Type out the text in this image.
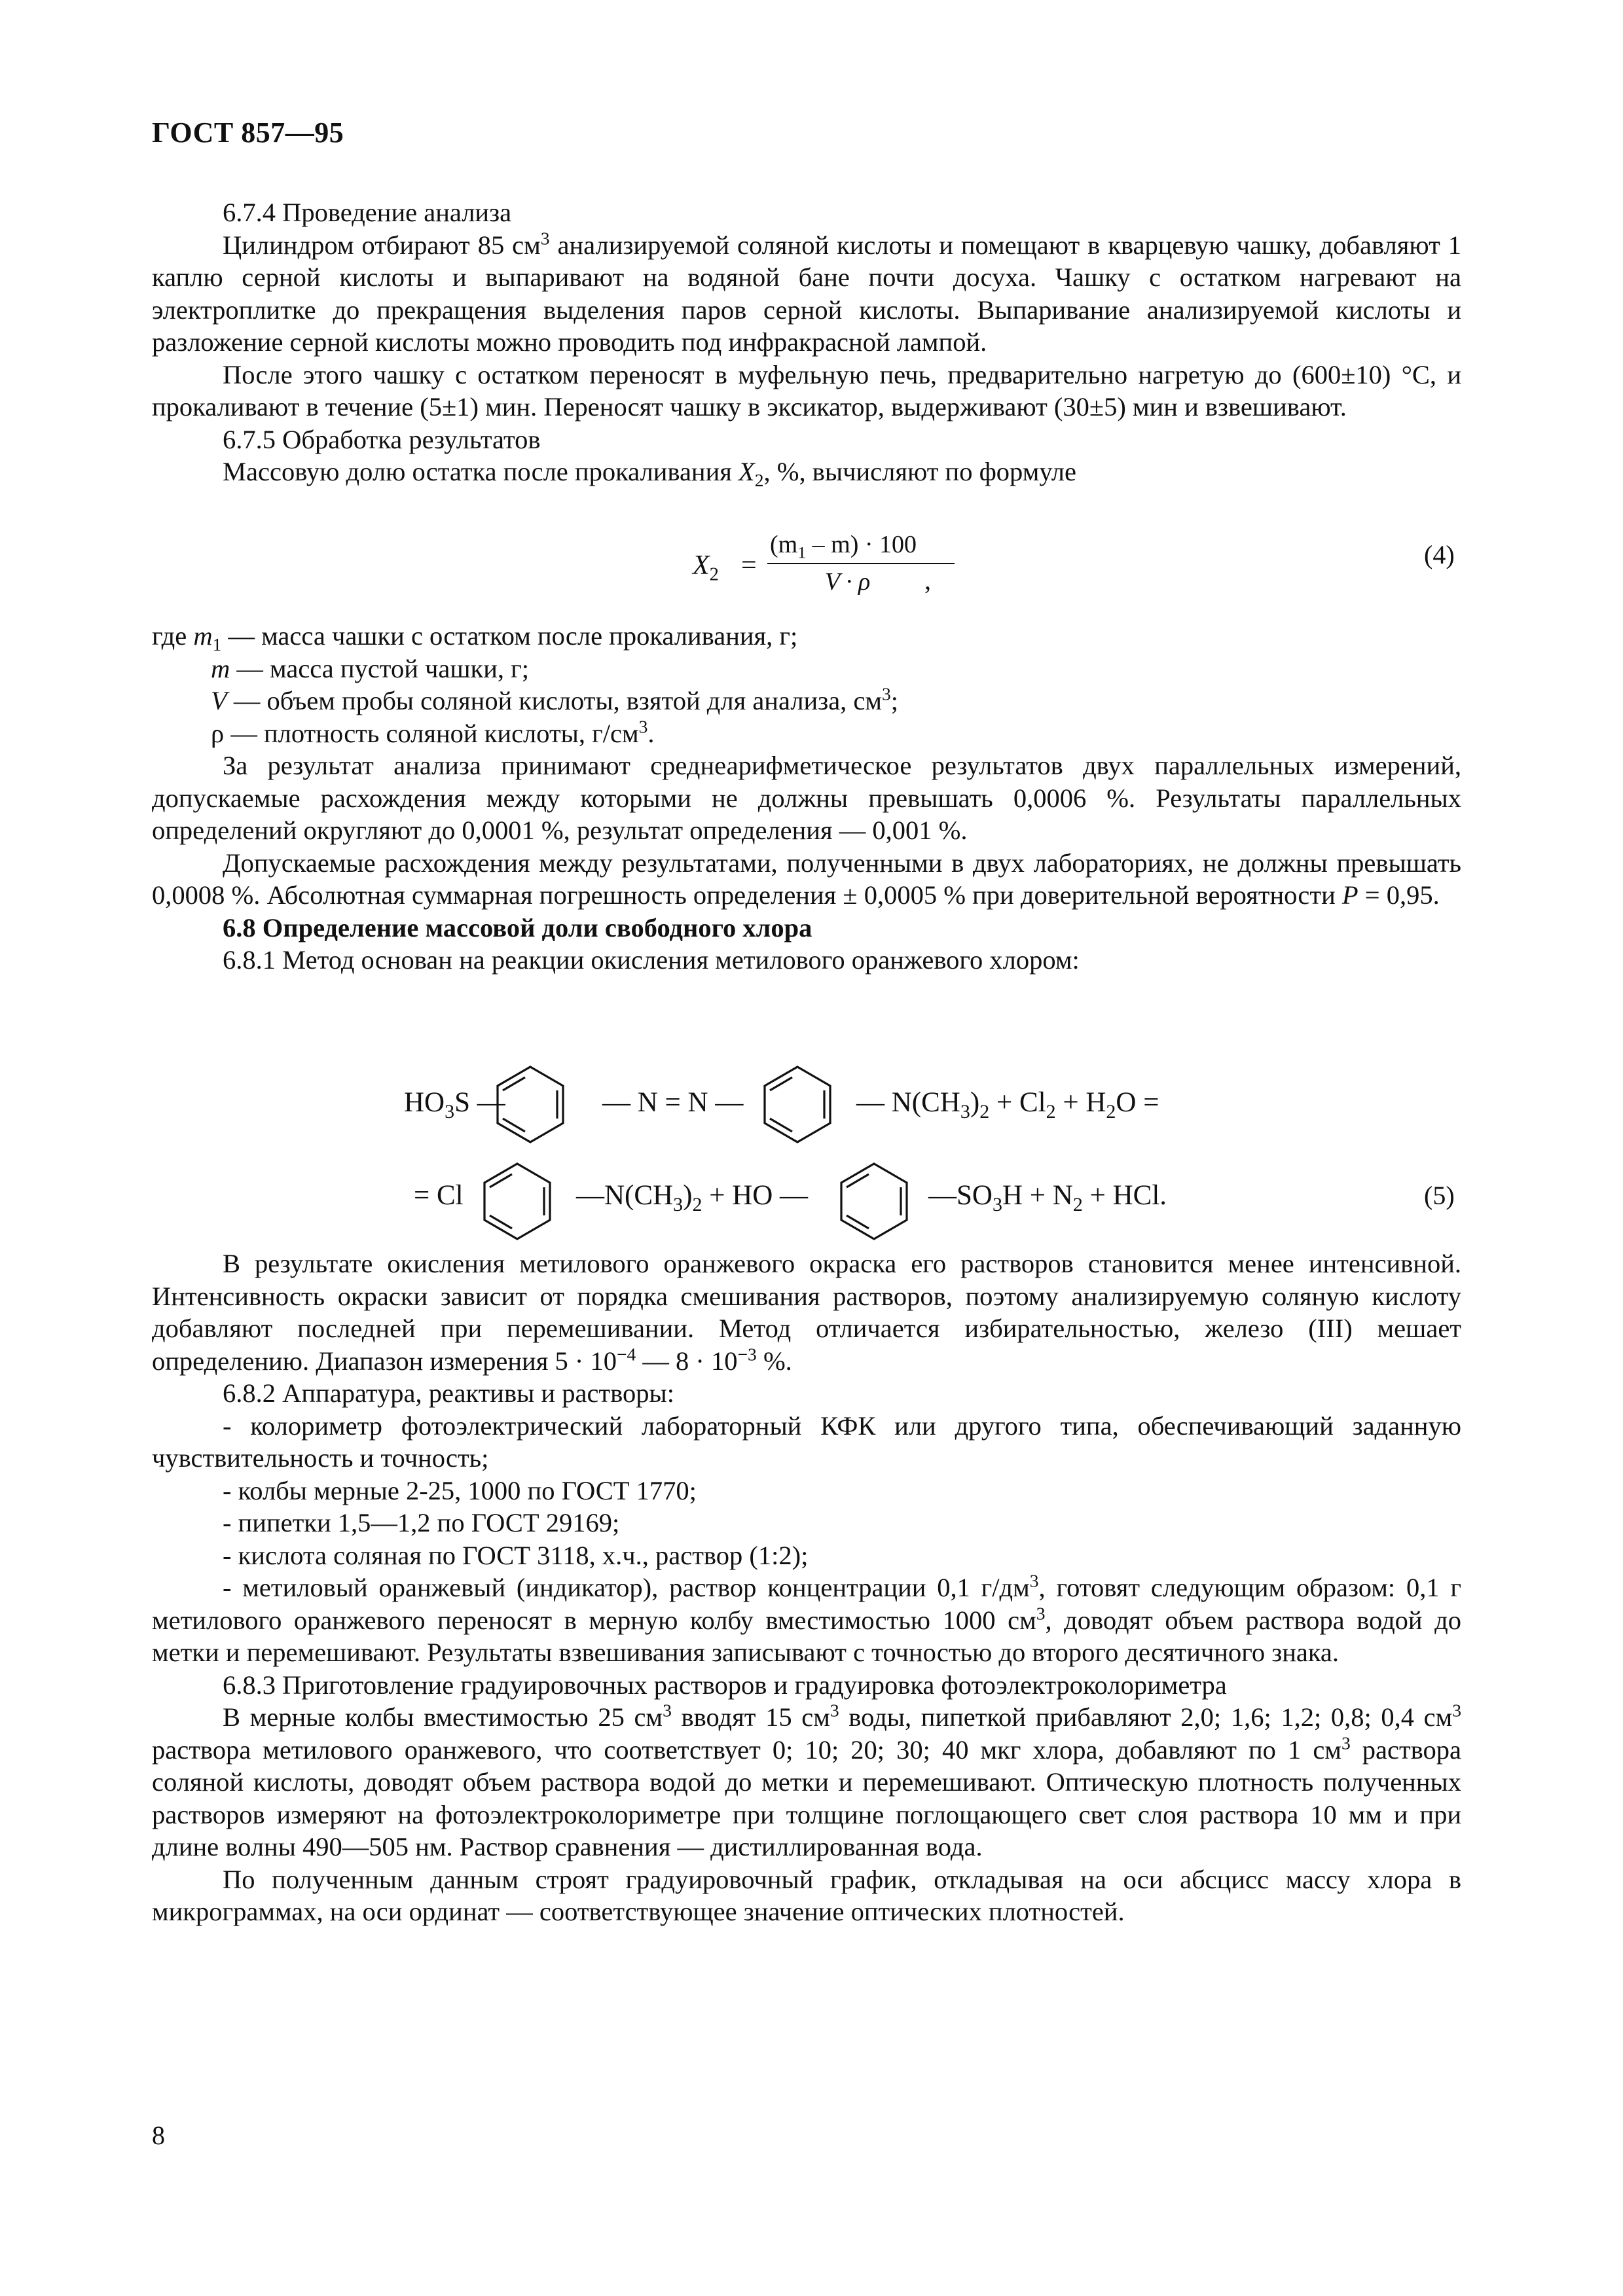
ГОСТ 857—95

6.7.4 Проведение анализа

Цилиндром отбирают 85 $см^3$ анализируемой соляной кислоты и помещают в кварцевую чашку, добавляют 1 каплю серной кислоты и выпаривают на водяной бане почти досуха. Чашку с остатком нагревают на электроплитке до прекращения выделения паров серной кислоты. Выпаривание анализируемой кислоты и разложение серной кислоты можно проводить под инфракрасной лампой.

После этого чашку с остатком переносят в муфельную печь, предварительно нагретую до (600±10) °С, и прокаливают в течение (5±1) мин. Переносят чашку в эксикатор, выдерживают (30±5) мин и взвешивают.

6.7.5 Обработка результатов

Массовую долю остатка после прокаливания $X_2$, %, вычисляют по формуле

$X_2$ =
$(m_1 - m) \cdot 100$
V · ρ ,
(4)

где $m_1$ — масса чашки с остатком после прокаливания, г;

m — масса пустой чашки, г;

V — объем пробы соляной кислоты, взятой для анализа, $см^3$;

ρ — плотность соляной кислоты, $г/см^3$.

За результат анализа принимают среднеарифметическое результатов двух параллельных измерений, допускаемые расхождения между которыми не должны превышать 0,0006 %. Результаты параллельных определений округляют до 0,0001 %, результат определения — 0,001 %.

Допускаемые расхождения между результатами, полученными в двух лабораториях, не должны превышать 0,0008 %. Абсолютная суммарная погрешность определения ± 0,0005 % при доверительной вероятности P = 0,95.

6.8 Определение массовой доли свободного хлора

6.8.1 Метод основан на реакции окисления метилового оранжевого хлором:

$HO_3S$ —	— N = N —	— $N(CH_3)_2 + Cl_2 + H_2O$ =
= Cl	$—N(CH_3)_2$ + HO —	$—SO_3H + N_2$ + HCl.	(5)

В результате окисления метилового оранжевого окраска его растворов становится менее интенсивной. Интенсивность окраски зависит от порядка смешивания растворов, поэтому анализируемую соляную кислоту добавляют последней при перемешивании. Метод отличается избирательностью, железо (III) мешает определению. Диапазон измерения $5 \cdot 10^{-4}$ — $8 \cdot 10^{-3}$ %.

6.8.2 Аппаратура, реактивы и растворы:

- колориметр фотоэлектрический лабораторный КФК или другого типа, обеспечивающий заданную чувствительность и точность;

- колбы мерные 2-25, 1000 по ГОСТ 1770;

- пипетки 1,5—1,2 по ГОСТ 29169;

- кислота соляная по ГОСТ 3118, х.ч., раствор (1:2);

- метиловый оранжевый (индикатор), раствор концентрации 0,1 $г/дм^3$, готовят следующим образом: 0,1 г метилового оранжевого переносят в мерную колбу вместимостью 1000 $см^3$, доводят объем раствора водой до метки и перемешивают. Результаты взвешивания записывают с точностью до второго десятичного знака.

6.8.3 Приготовление градуировочных растворов и градуировка фотоэлектроколориметра

В мерные колбы вместимостью 25 $см^3$ вводят 15 $см^3$ воды, пипеткой прибавляют 2,0; 1,6; 1,2; 0,8; 0,4 $см^3$ раствора метилового оранжевого, что соответствует 0; 10; 20; 30; 40 мкг хлора, добавляют по 1 $см^3$ раствора соляной кислоты, доводят объем раствора водой до метки и перемешивают. Оптическую плотность полученных растворов измеряют на фотоэлектроколориметре при толщине поглощающего свет слоя раствора 10 мм и при длине волны 490—505 нм. Раствор сравнения — дистиллированная вода.

По полученным данным строят градуировочный график, откладывая на оси абсцисс массу хлора в микрограммах, на оси ординат — соответствующее значение оптических плотностей.

8
